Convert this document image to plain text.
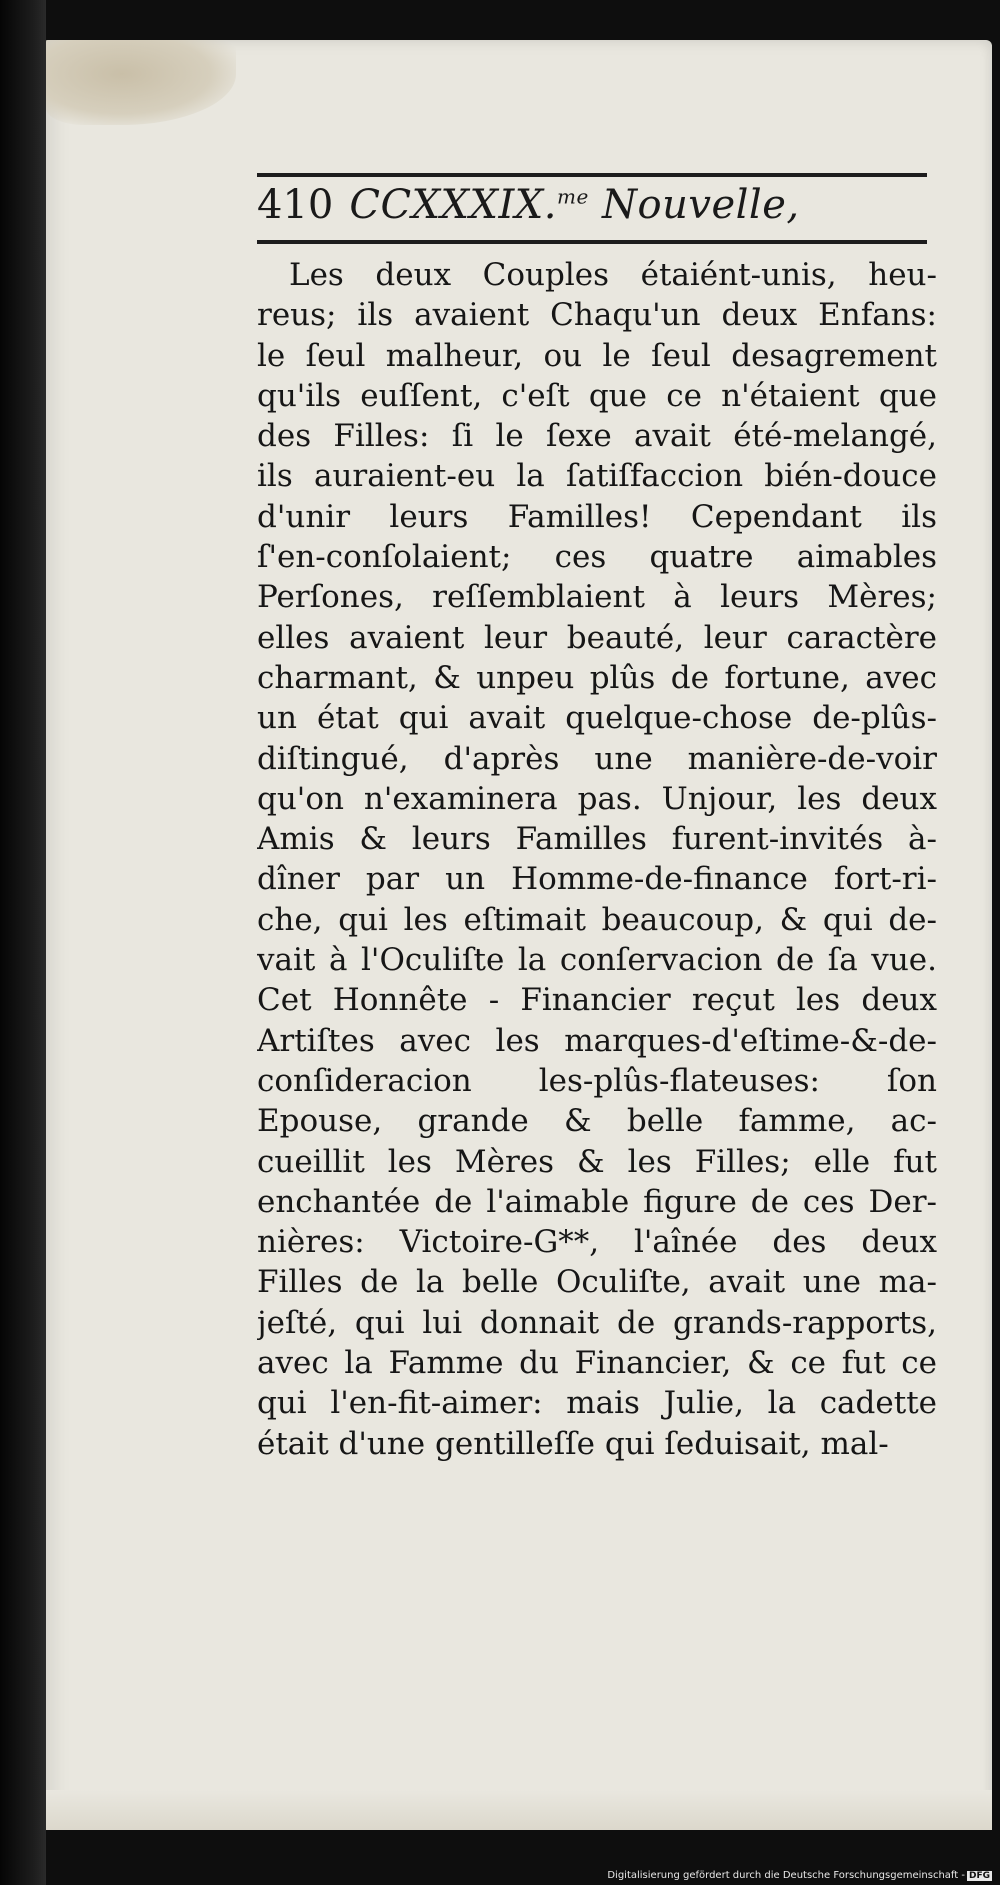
410 CCXXXIX.$^{me}$ Nouvelle,
Les deux Couples étaiént-unis, heu-
reus; ils avaient Chaqu'un deux Enfans:
le ſeul malheur, ou le ſeul desagrement
qu'ils euſſent, c'eſt que ce n'étaient que
des Filles: ſi le ſexe avait été-melangé,
ils auraient-eu la ſatiſfaccion bién-douce
d'unir leurs Familles! Cependant ils
ſ'en-conſolaient; ces quatre aimables
Perſones, reſſemblaient à leurs Mères;
elles avaient leur beauté, leur caractère
charmant, & unpeu plûs de fortune, avec
un état qui avait quelque-chose de-plûs-
diſtingué, d'après une manière-de-voir
qu'on n'examinera pas. Unjour, les deux
Amis & leurs Familles furent-invités à-
dîner par un Homme-de-finance fort-ri-
che, qui les eſtimait beaucoup, & qui de-
vait à l'Oculiſte la conſervacion de ſa vue.
Cet Honnête - Financier reçut les deux
Artiſtes avec les marques-d'eſtime-&-de-
conſideracion les-plûs-flateuses: ſon
Epouse, grande & belle famme, ac-
cueillit les Mères & les Filles; elle fut
enchantée de l'aimable figure de ces Der-
nières: Victoire-G**, l'aînée des deux
Filles de la belle Oculiſte, avait une ma-
jeſté, qui lui donnait de grands-rapports,
avec la Famme du Financier, & ce fut ce
qui l'en-fit-aimer: mais Julie, la cadette
était d'une gentilleſſe qui ſeduisait, mal-
Digitalisierung gefördert durch die Deutsche Forschungsgemeinschaft - DFG
